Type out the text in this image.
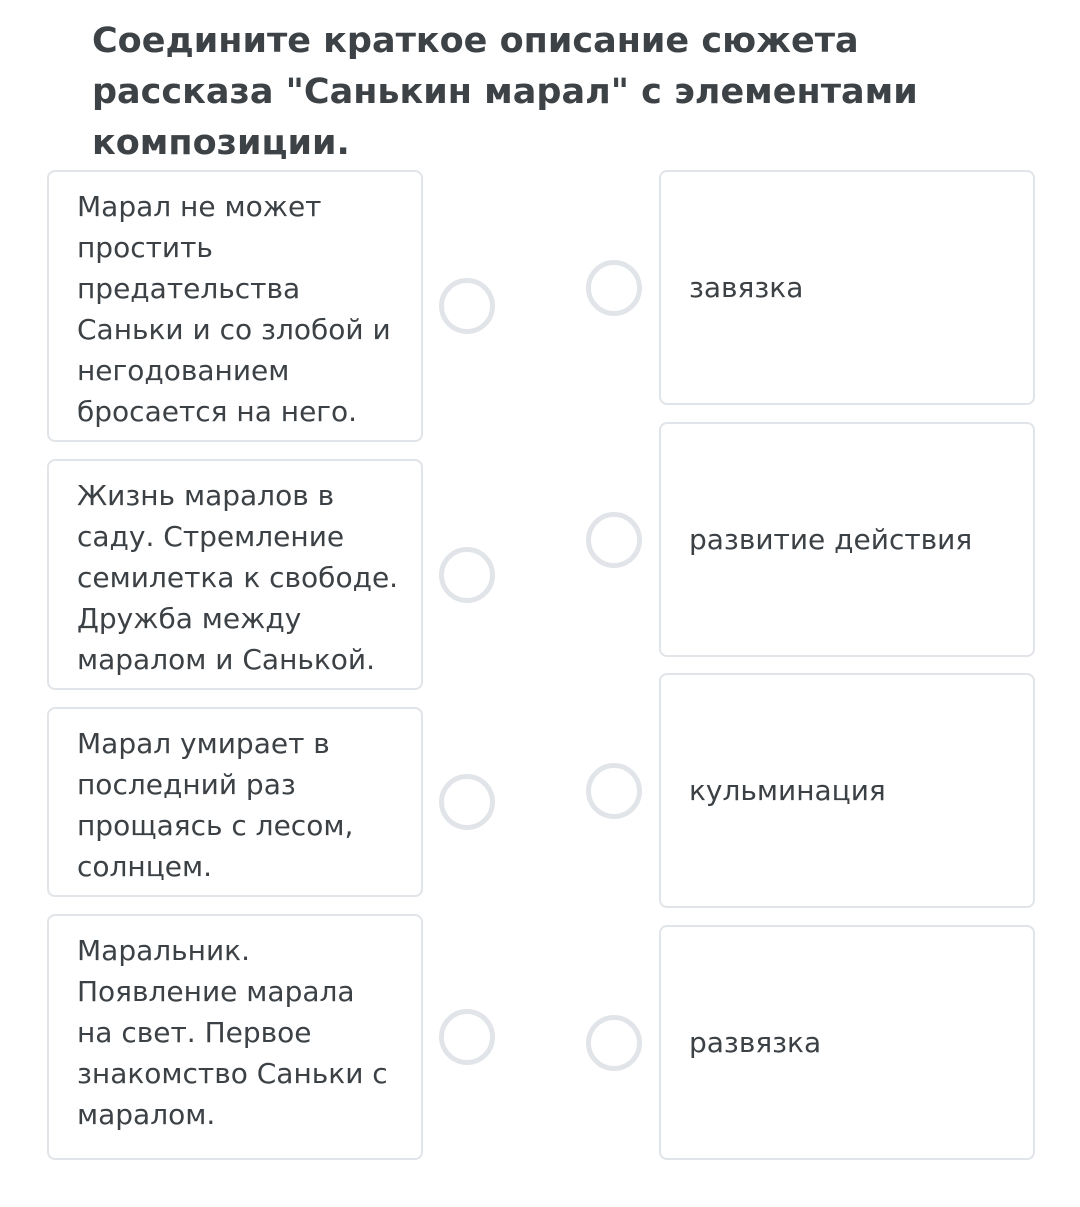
Соедините краткое описание сюжета рассказа "Санькин марал" с элементами композиции.
Марал не может
простить
предательства
Саньки и со злобой и
негодованием
бросается на него.
Жизнь маралов в
саду. Стремление
семилетка к свободе.
Дружба между
маралом и Санькой.
Марал умирает в
последний раз
прощаясь с лесом,
солнцем.
Маральник.
Появление марала
на свет. Первое
знакомство Саньки с
маралом.
завязка
развитие действия
кульминация
развязка
